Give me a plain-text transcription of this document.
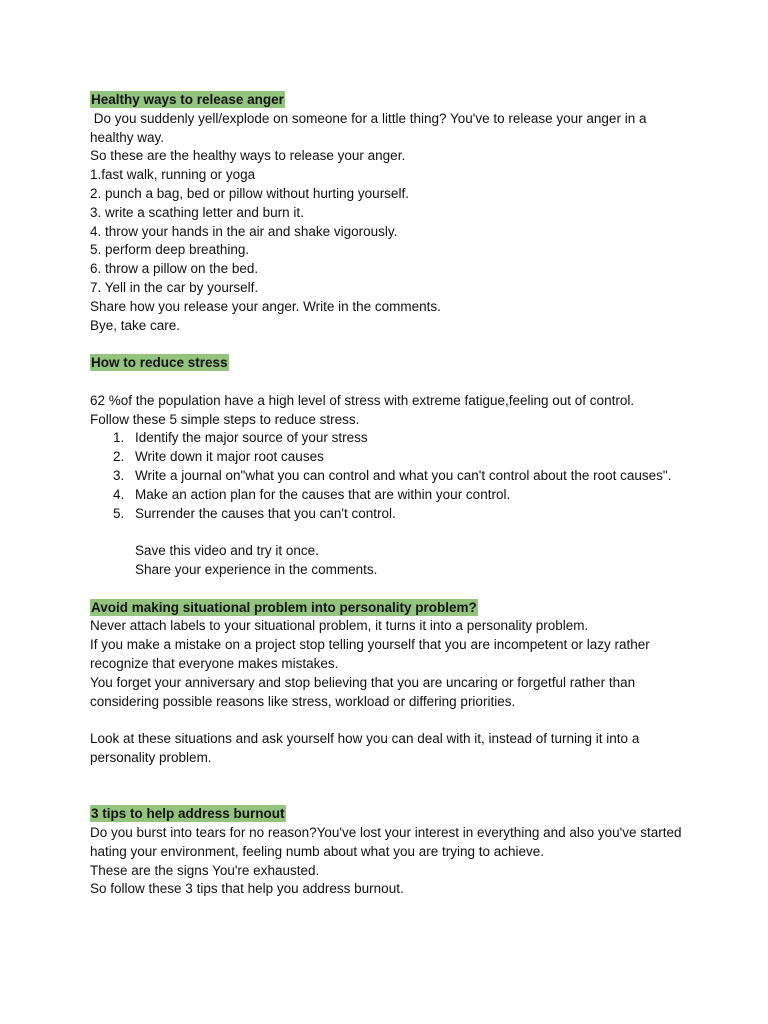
Healthy ways to release anger
Do you suddenly yell/explode on someone for a little thing? You've to release your anger in a healthy way.
So these are the healthy ways to release your anger.
1.fast walk, running or yoga
2. punch a bag, bed or pillow without hurting yourself.
3. write a scathing letter and burn it.
4. throw your hands in the air and shake vigorously.
5. perform deep breathing.
6. throw a pillow on the bed.
7. Yell in the car by yourself.
Share how you release your anger. Write in the comments.
Bye, take care.
How to reduce stress
62 %of the population have a high level of stress with extreme fatigue,feeling out of control.
Follow these 5 simple steps to reduce stress.
1. Identify the major source of your stress
2. Write down it major root causes
3. Write a journal on"what you can control and what you can't control about the root causes".
4. Make an action plan for the causes that are within your control.
5. Surrender the causes that you can't control.
Save this video and try it once.
Share your experience in the comments.
Avoid making situational problem into personality problem?
Never attach labels to your situational problem, it turns it into a personality problem.
If you make a mistake on a project stop telling yourself that you are incompetent or lazy rather recognize that everyone makes mistakes.
You forget your anniversary and stop believing that you are uncaring or forgetful rather than considering possible reasons like stress, workload or differing priorities.
Look at these situations and ask yourself how you can deal with it, instead of turning it into a personality problem.
3 tips to help address burnout
Do you burst into tears for no reason?You've lost your interest in everything and also you've started hating your environment, feeling numb about what you are trying to achieve.
These are the signs You're exhausted.
So follow these 3 tips that help you address burnout.
